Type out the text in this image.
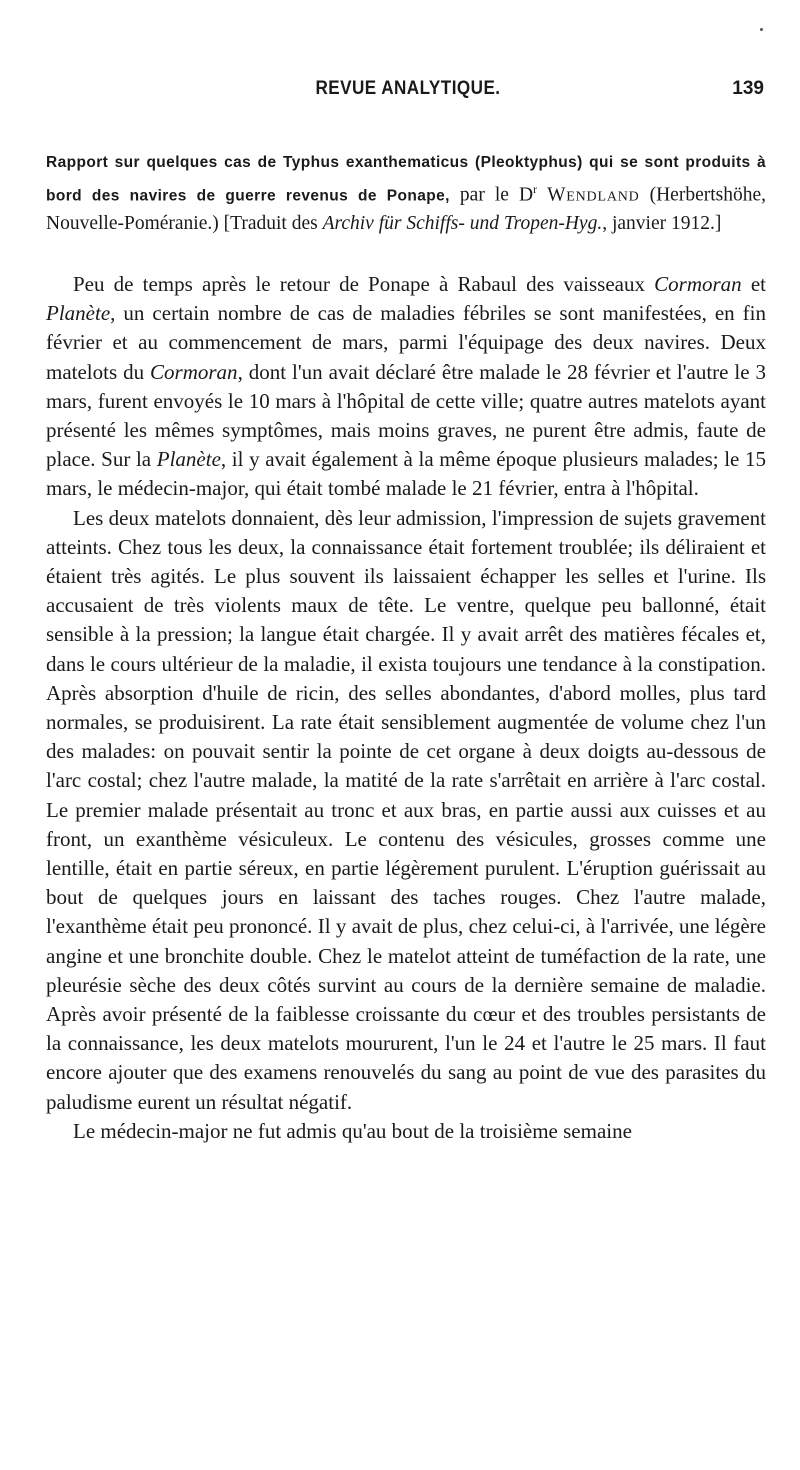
REVUE ANALYTIQUE.	139
Rapport sur quelques cas de Typhus exanthematicus (Pleoktyphus) qui se sont produits à bord des navires de guerre revenus de Ponape, par le $D^r$ Wendland (Herbertshöhe, Nouvelle-Poméranie.) [Traduit des Archiv für Schiffs- und Tropen-Hyg., janvier 1912.]

Peu de temps après le retour de Ponape à Rabaul des vaisseaux Cormoran et Planète, un certain nombre de cas de maladies fébriles se sont manifestées, en fin février et au commencement de mars, parmi l'équipage des deux navires. Deux matelots du Cormoran, dont l'un avait déclaré être malade le 28 février et l'autre le 3 mars, furent envoyés le 10 mars à l'hôpital de cette ville; quatre autres matelots ayant présenté les mêmes symptômes, mais moins graves, ne purent être admis, faute de place. Sur la Planète, il y avait également à la même époque plusieurs malades; le 15 mars, le médecin-major, qui était tombé malade le 21 février, entra à l'hôpital.

Les deux matelots donnaient, dès leur admission, l'impression de sujets gravement atteints. Chez tous les deux, la connaissance était fortement troublée; ils déliraient et étaient très agités. Le plus souvent ils laissaient échapper les selles et l'urine. Ils accusaient de très violents maux de tête. Le ventre, quelque peu ballonné, était sensible à la pression; la langue était chargée. Il y avait arrêt des matières fécales et, dans le cours ultérieur de la maladie, il exista toujours une tendance à la constipation. Après absorption d'huile de ricin, des selles abondantes, d'abord molles, plus tard normales, se produisirent. La rate était sensiblement augmentée de volume chez l'un des malades: on pouvait sentir la pointe de cet organe à deux doigts au-dessous de l'arc costal; chez l'autre malade, la matité de la rate s'arrêtait en arrière à l'arc costal. Le premier malade présentait au tronc et aux bras, en partie aussi aux cuisses et au front, un exanthème vésiculeux. Le contenu des vésicules, grosses comme une lentille, était en partie séreux, en partie légèrement purulent. L'éruption guérissait au bout de quelques jours en laissant des taches rouges. Chez l'autre malade, l'exanthème était peu prononcé. Il y avait de plus, chez celui-ci, à l'arrivée, une légère angine et une bronchite double. Chez le matelot atteint de tuméfaction de la rate, une pleurésie sèche des deux côtés survint au cours de la dernière semaine de maladie. Après avoir présenté de la faiblesse croissante du cœur et des troubles persistants de la connaissance, les deux matelots moururent, l'un le 24 et l'autre le 25 mars. Il faut encore ajouter que des examens renouvelés du sang au point de vue des parasites du paludisme eurent un résultat négatif.

Le médecin-major ne fut admis qu'au bout de la troisième semaine
